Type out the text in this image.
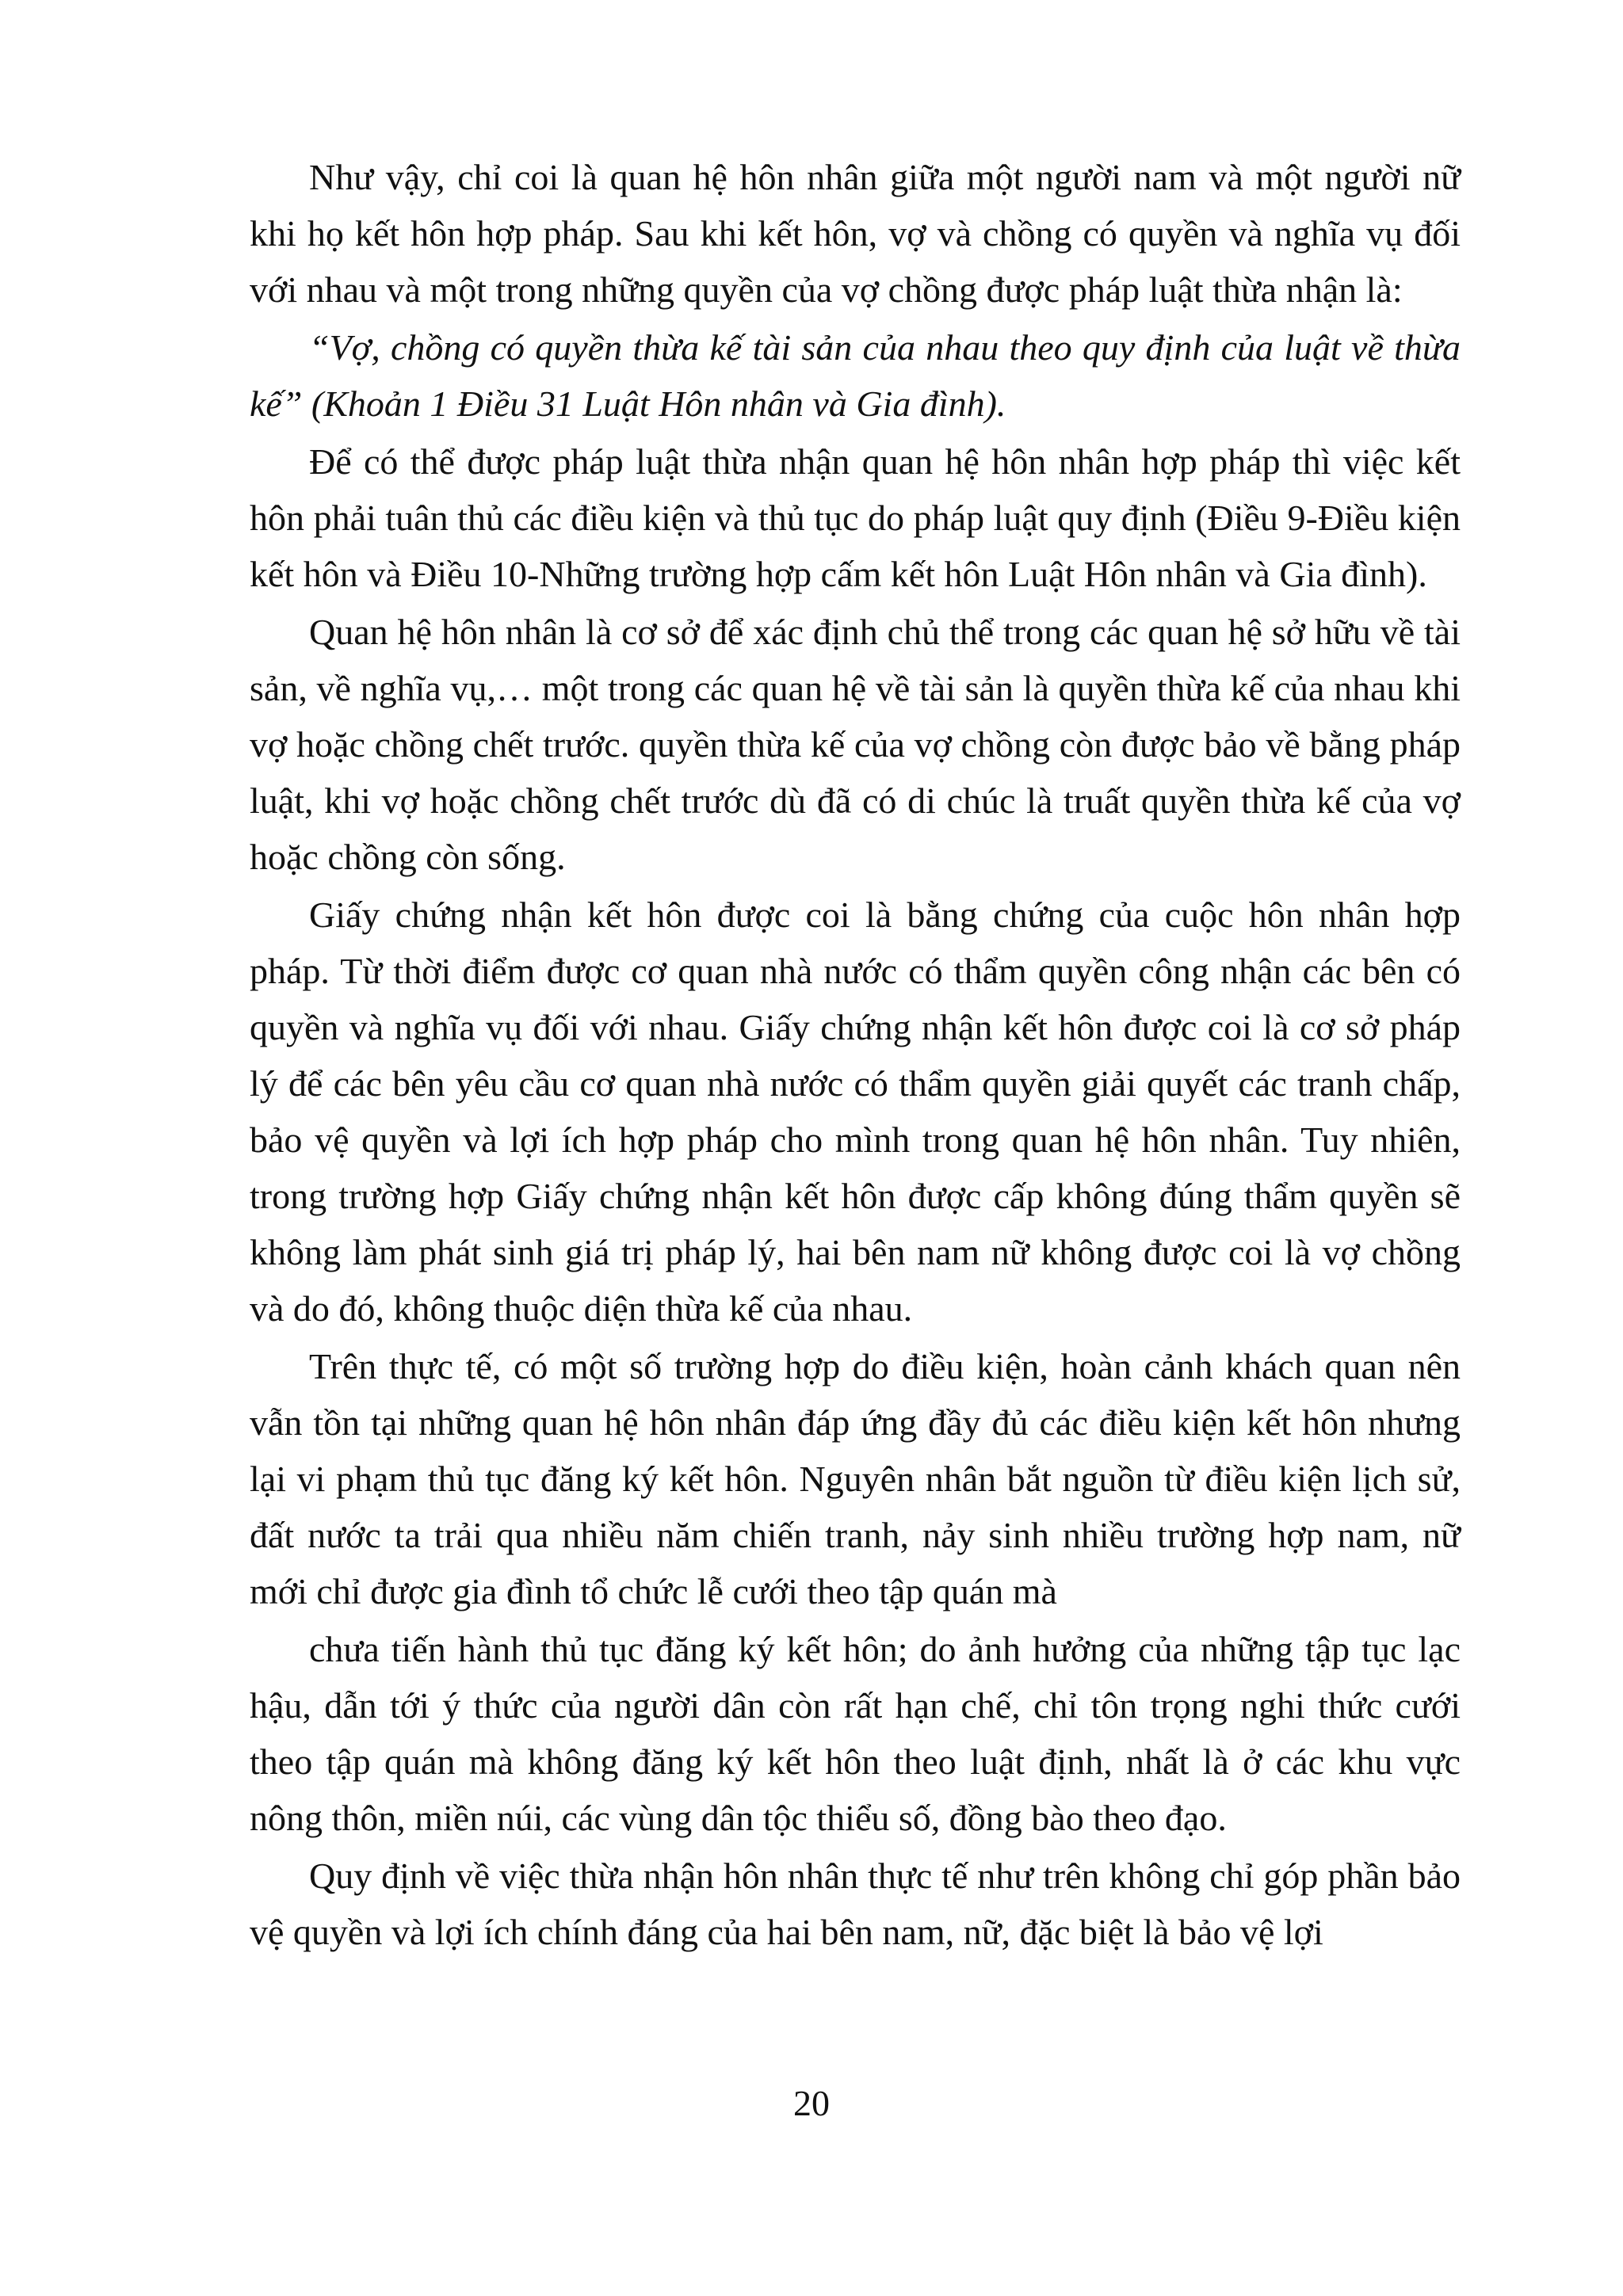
Như vậy, chỉ coi là quan hệ hôn nhân giữa một người nam và một người nữ khi họ kết hôn hợp pháp. Sau khi kết hôn, vợ và chồng có quyền và nghĩa vụ đối với nhau và một trong những quyền của vợ chồng được pháp luật thừa nhận là:

“Vợ, chồng có quyền thừa kế tài sản của nhau theo quy định của luật về thừa kế” (Khoản 1 Điều 31 Luật Hôn nhân và Gia đình).

Để có thể được pháp luật thừa nhận quan hệ hôn nhân hợp pháp thì việc kết hôn phải tuân thủ các điều kiện và thủ tục do pháp luật quy định (Điều 9-Điều kiện kết hôn và Điều 10-Những trường hợp cấm kết hôn Luật Hôn nhân và Gia đình).

Quan hệ hôn nhân là cơ sở để xác định chủ thể trong các quan hệ sở hữu về tài sản, về nghĩa vụ,… một trong các quan hệ về tài sản là quyền thừa kế của nhau khi vợ hoặc chồng chết trước. quyền thừa kế của vợ chồng còn được bảo về bằng pháp luật, khi vợ hoặc chồng chết trước dù đã có di chúc là truất quyền thừa kế của vợ hoặc chồng còn sống.

Giấy chứng nhận kết hôn được coi là bằng chứng của cuộc hôn nhân hợp pháp. Từ thời điểm được cơ quan nhà nước có thẩm quyền công nhận các bên có quyền và nghĩa vụ đối với nhau. Giấy chứng nhận kết hôn được coi là cơ sở pháp lý để các bên yêu cầu cơ quan nhà nước có thẩm quyền giải quyết các tranh chấp, bảo vệ quyền và lợi ích hợp pháp cho mình trong quan hệ hôn nhân. Tuy nhiên, trong trường hợp Giấy chứng nhận kết hôn được cấp không đúng thẩm quyền sẽ không làm phát sinh giá trị pháp lý, hai bên nam nữ không được coi là vợ chồng và do đó, không thuộc diện thừa kế của nhau.

Trên thực tế, có một số trường hợp do điều kiện, hoàn cảnh khách quan nên vẫn tồn tại những quan hệ hôn nhân đáp ứng đầy đủ các điều kiện kết hôn nhưng lại vi phạm thủ tục đăng ký kết hôn. Nguyên nhân bắt nguồn từ điều kiện lịch sử, đất nước ta trải qua nhiều năm chiến tranh, nảy sinh nhiều trường hợp nam, nữ mới chỉ được gia đình tổ chức lễ cưới theo tập quán mà

chưa tiến hành thủ tục đăng ký kết hôn; do ảnh hưởng của những tập tục lạc hậu, dẫn tới ý thức của người dân còn rất hạn chế, chỉ tôn trọng nghi thức cưới theo tập quán mà không đăng ký kết hôn theo luật định, nhất là ở các khu vực nông thôn, miền núi, các vùng dân tộc thiểu số, đồng bào theo đạo.

Quy định về việc thừa nhận hôn nhân thực tế như trên không chỉ góp phần bảo vệ quyền và lợi ích chính đáng của hai bên nam, nữ, đặc biệt là bảo vệ lợi

20
